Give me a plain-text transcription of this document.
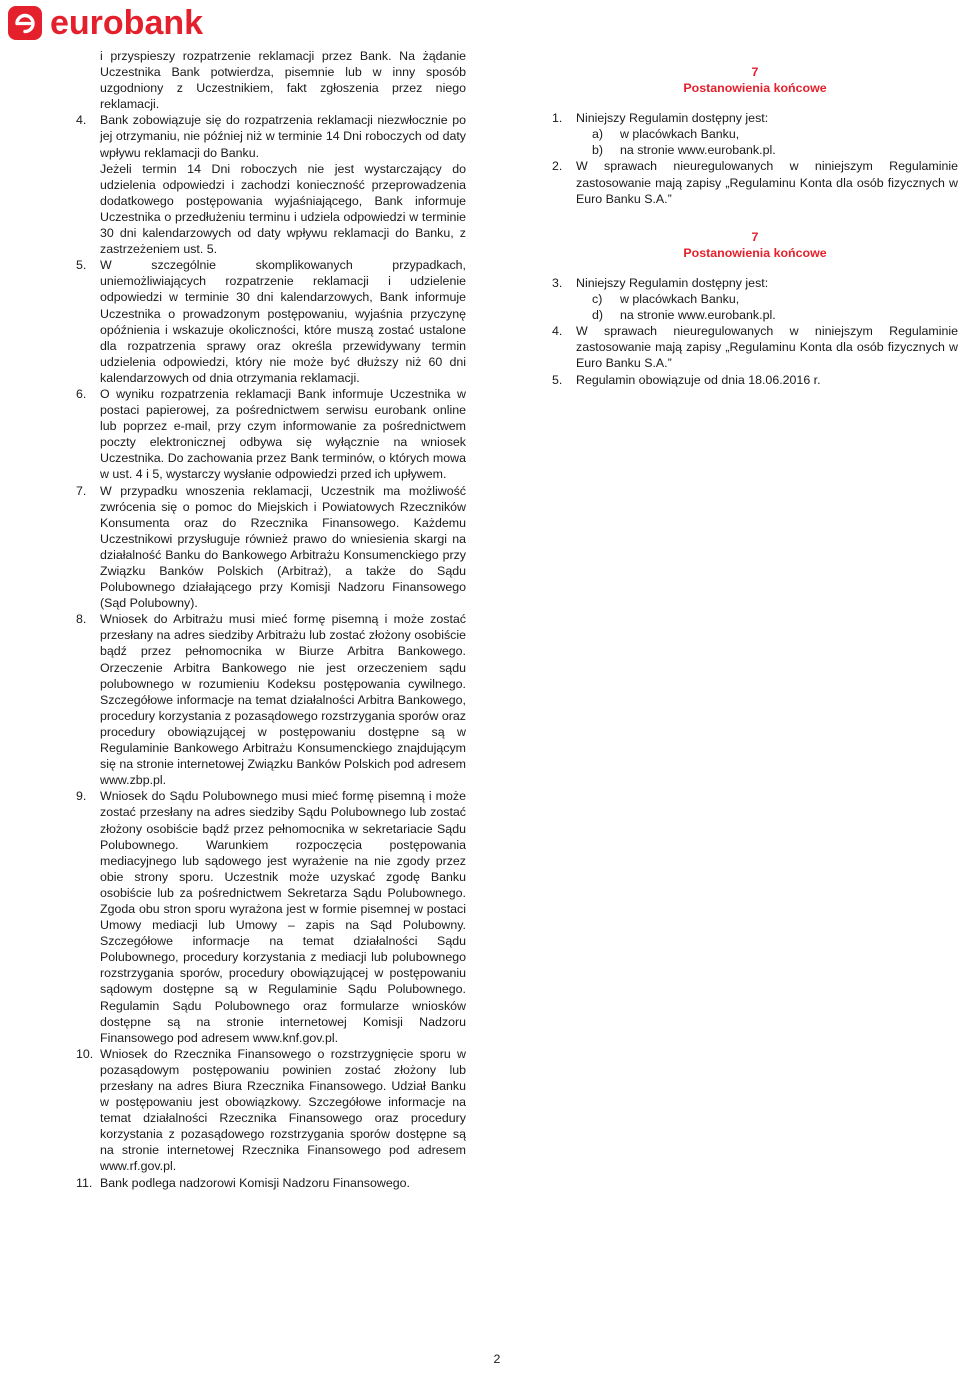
eurobank

i przyspieszy rozpatrzenie reklamacji przez Bank. Na żądanie Uczestnika Bank potwierdza, pisemnie lub w inny sposób uzgodniony z Uczestnikiem, fakt zgłoszenia przez niego reklamacji.

4.	Bank zobowiązuje się do rozpatrzenia reklamacji niezwłocznie po jej otrzymaniu, nie później niż w terminie 14 Dni roboczych od daty wpływu reklamacji do Banku.

Jeżeli termin 14 Dni roboczych nie jest wystarczający do udzielenia odpowiedzi i zachodzi konieczność przeprowadzenia dodatkowego postępowania wyjaśniającego, Bank informuje Uczestnika o przedłużeniu terminu i udziela odpowiedzi w terminie 30 dni kalendarzowych od daty wpływu reklamacji do Banku, z zastrzeżeniem ust. 5.

5.	W szczególnie skomplikowanych przypadkach, uniemożliwiających rozpatrzenie reklamacji i udzielenie odpowiedzi w terminie 30 dni kalendarzowych, Bank informuje Uczestnika o prowadzonym postępowaniu, wyjaśnia przyczynę opóźnienia i wskazuje okoliczności, które muszą zostać ustalone dla rozpatrzenia sprawy oraz określa przewidywany termin udzielenia odpowiedzi, który nie może być dłuższy niż 60 dni kalendarzowych od dnia otrzymania reklamacji.

6.	O wyniku rozpatrzenia reklamacji Bank informuje Uczestnika w postaci papierowej, za pośrednictwem serwisu eurobank online lub poprzez e-mail, przy czym informowanie za pośrednictwem poczty elektronicznej odbywa się wyłącznie na wniosek Uczestnika. Do zachowania przez Bank terminów, o których mowa w ust. 4 i 5, wystarczy wysłanie odpowiedzi przed ich upływem.

7.	W przypadku wnoszenia reklamacji, Uczestnik ma możliwość zwrócenia się o pomoc do Miejskich i Powiatowych Rzeczników Konsumenta oraz do Rzecznika Finansowego. Każdemu Uczestnikowi przysługuje również prawo do wniesienia skargi na działalność Banku do Bankowego Arbitrażu Konsumenckiego przy Związku Banków Polskich (Arbitraż), a także do Sądu Polubownego działającego przy Komisji Nadzoru Finansowego (Sąd Polubowny).

8.	Wniosek do Arbitrażu musi mieć formę pisemną i może zostać przesłany na adres siedziby Arbitrażu lub zostać złożony osobiście bądź przez pełnomocnika w Biurze Arbitra Bankowego. Orzeczenie Arbitra Bankowego nie jest orzeczeniem sądu polubownego w rozumieniu Kodeksu postępowania cywilnego. Szczegółowe informacje na temat działalności Arbitra Bankowego, procedury korzystania z pozasądowego rozstrzygania sporów oraz procedury obowiązującej w postępowaniu dostępne są w Regulaminie Bankowego Arbitrażu Konsumenckiego znajdującym się na stronie internetowej Związku Banków Polskich pod adresem www.zbp.pl.

9.	Wniosek do Sądu Polubownego musi mieć formę pisemną i może zostać przesłany na adres siedziby Sądu Polubownego lub zostać złożony osobiście bądź przez pełnomocnika w sekretariacie Sądu Polubownego. Warunkiem rozpoczęcia postępowania mediacyjnego lub sądowego jest wyrażenie na nie zgody przez obie strony sporu. Uczestnik może uzyskać zgodę Banku osobiście lub za pośrednictwem Sekretarza Sądu Polubownego. Zgoda obu stron sporu wyrażona jest w formie pisemnej w postaci Umowy mediacji lub Umowy – zapis na Sąd Polubowny. Szczegółowe informacje na temat działalności Sądu Polubownego, procedury korzystania z mediacji lub polubownego rozstrzygania sporów, procedury obowiązującej w postępowaniu sądowym dostępne są w Regulaminie Sądu Polubownego. Regulamin Sądu Polubownego oraz formularze wniosków dostępne są na stronie internetowej Komisji Nadzoru Finansowego pod adresem www.knf.gov.pl.

10. Wniosek do Rzecznika Finansowego o rozstrzygnięcie sporu w pozasądowym postępowaniu powinien zostać złożony lub przesłany na adres Biura Rzecznika Finansowego. Udział Banku w postępowaniu jest obowiązkowy. Szczegółowe informacje na temat działalności Rzecznika Finansowego oraz procedury korzystania z pozasądowego rozstrzygania sporów dostępne są na stronie internetowej Rzecznika Finansowego pod adresem www.rf.gov.pl.

11. Bank podlega nadzorowi Komisji Nadzoru Finansowego.

7
Postanowienia końcowe
1.	Niniejszy Regulamin dostępny jest:
a)	w placówkach Banku,
b)	na stronie www.eurobank.pl.
2.	W sprawach nieuregulowanych w niniejszym Regulaminie zastosowanie mają zapisy „Regulaminu Konta dla osób fizycznych w Euro Banku S.A.”
7
Postanowienia końcowe
3.	Niniejszy Regulamin dostępny jest:
c)	w placówkach Banku,
d)	na stronie www.eurobank.pl.
4.	W sprawach nieuregulowanych w niniejszym Regulaminie zastosowanie mają zapisy „Regulaminu Konta dla osób fizycznych w Euro Banku S.A.”
5.	Regulamin obowiązuje od dnia 18.06.2016 r.
2
